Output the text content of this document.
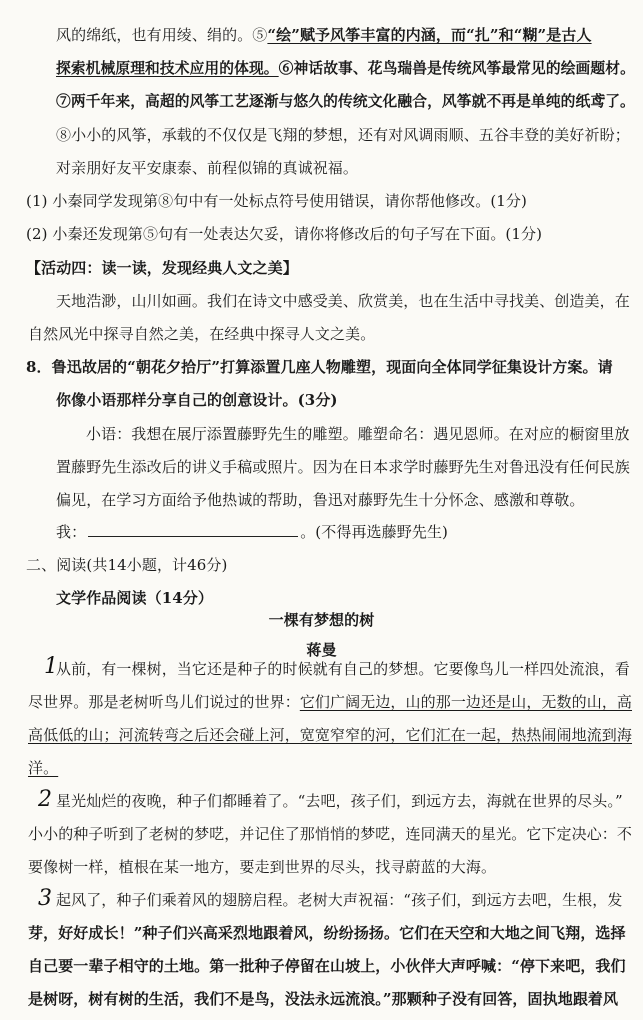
风的绵纸，也有用绫、绢的。⑤“绘”赋予风筝丰富的内涵，而“扎”和“糊”是古人
探索机械原理和技术应用的体现。⑥神话故事、花鸟瑞兽是传统风筝最常见的绘画题材。
⑦两千年来，高超的风筝工艺逐渐与悠久的传统文化融合，风筝就不再是单纯的纸鸢了。
⑧小小的风筝，承载的不仅仅是飞翔的梦想，还有对风调雨顺、五谷丰登的美好祈盼；
对亲朋好友平安康泰、前程似锦的真诚祝福。
(1) 小秦同学发现第⑧句中有一处标点符号使用错误，请你帮他修改。(1分)
(2) 小秦还发现第⑤句有一处表达欠妥，请你将修改后的句子写在下面。(1分)
【活动四：读一读，发现经典人文之美】
天地浩渺，山川如画。我们在诗文中感受美、欣赏美，也在生活中寻找美、创造美，在
自然风光中探寻自然之美，在经典中探寻人文之美。
8．鲁迅故居的“朝花夕拾厅”打算添置几座人物雕塑，现面向全体同学征集设计方案。请
你像小语那样分享自己的创意设计。(3分)
小语：我想在展厅添置藤野先生的雕塑。雕塑命名：遇见恩师。在对应的橱窗里放
置藤野先生添改后的讲义手稿或照片。因为在日本求学时藤野先生对鲁迅没有任何民族
偏见，在学习方面给予他热诚的帮助，鲁迅对藤野先生十分怀念、感激和尊敬。
我：	。(不得再选藤野先生)
二、阅读(共14小题，计46分)
文学作品阅读（14分）
一棵有梦想的树
蒋曼
1
从前，有一棵树，当它还是种子的时候就有自己的梦想。它要像鸟儿一样四处流浪，看
尽世界。那是老树听鸟儿们说过的世界：它们广阔无边，山的那一边还是山，无数的山，高
高低低的山；河流转弯之后还会碰上河，宽宽窄窄的河，它们汇在一起，热热闹闹地流到海
洋。
2 星光灿烂的夜晚，种子们都睡着了。“去吧，孩子们，到远方去，海就在世界的尽头。”
小小的种子听到了老树的梦呓，并记住了那悄悄的梦呓，连同满天的星光。它下定决心：不
要像树一样，植根在某一地方，要走到世界的尽头，找寻蔚蓝的大海。
3 起风了，种子们乘着风的翅膀启程。老树大声祝福：“孩子们，到远方去吧，生根，发
芽，好好成长！”种子们兴高采烈地跟着风，纷纷扬扬。它们在天空和大地之间飞翔，选择
自己要一辈子相守的土地。第一批种子停留在山坡上，小伙伴大声呼喊：“停下来吧，我们
是树呀，树有树的生活，我们不是鸟，没法永远流浪。”那颗种子没有回答，固执地跟着风
